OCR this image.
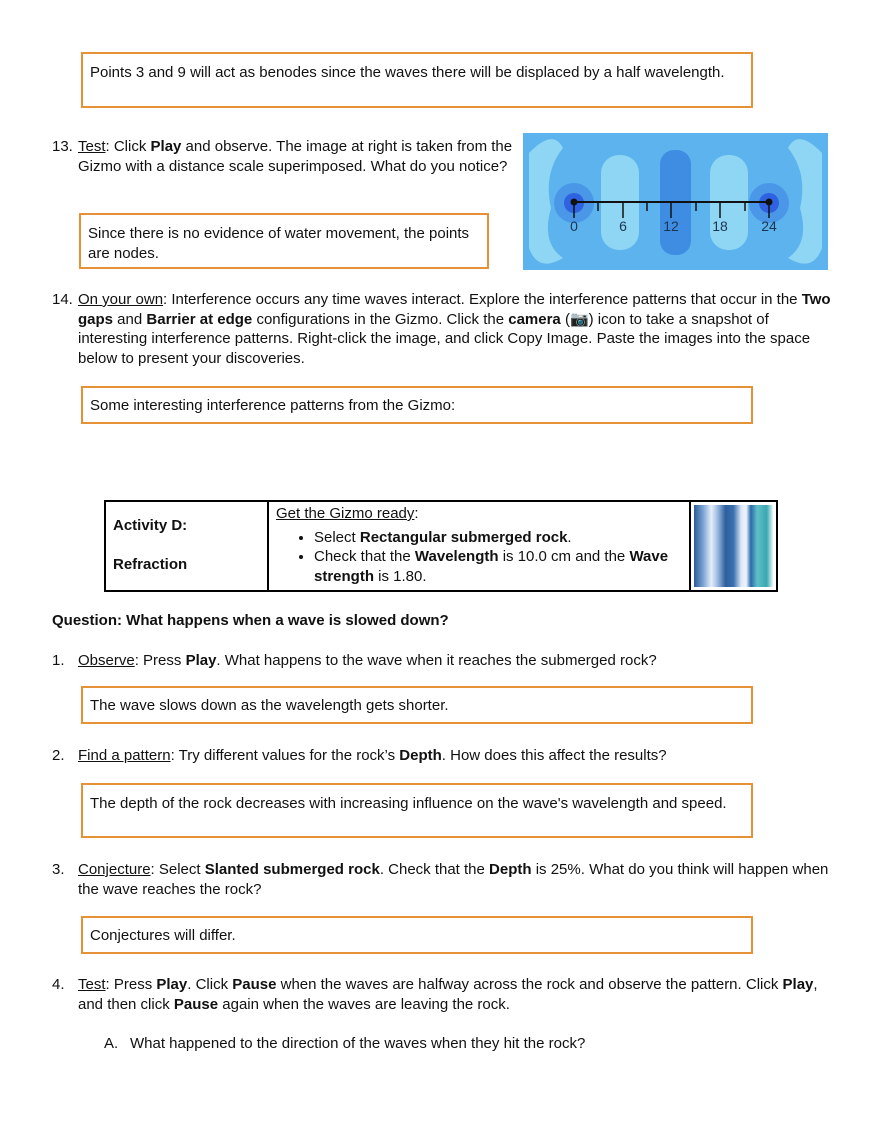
Points 3 and 9 will act as benodes since the waves there will be displaced by a half wavelength.
13. Test: Click Play and observe. The image at right is taken from the Gizmo with a distance scale superimposed. What do you notice?
Since there is no evidence of water movement, the points are nodes.
0	6	12 18 24
14. On your own: Interference occurs any time waves interact. Explore the interference patterns that occur in the Two gaps and Barrier at edge configurations in the Gizmo. Click the camera (📷) icon to take a snapshot of interesting interference patterns. Right-click the image, and click Copy Image. Paste the images into the space below to present your discoveries.
Some interesting interference patterns from the Gizmo:
Activity D:
Refraction

Get the Gizmo ready:
• Select Rectangular submerged rock.
• Check that the Wavelength is 10.0 cm and the Wave strength is 1.80.

Question: What happens when a wave is slowed down?
1. Observe: Press Play. What happens to the wave when it reaches the submerged rock?
The wave slows down as the wavelength gets shorter.
2. Find a pattern: Try different values for the rock’s Depth. How does this affect the results?
The depth of the rock decreases with increasing influence on the wave's wavelength and speed.
3. Conjecture: Select Slanted submerged rock. Check that the Depth is 25%. What do you think will happen when the wave reaches the rock?
Conjectures will differ.
4. Test: Press Play. Click Pause when the waves are halfway across the rock and observe the pattern. Click Play, and then click Pause again when the waves are leaving the rock.
A. What happened to the direction of the waves when they hit the rock?
